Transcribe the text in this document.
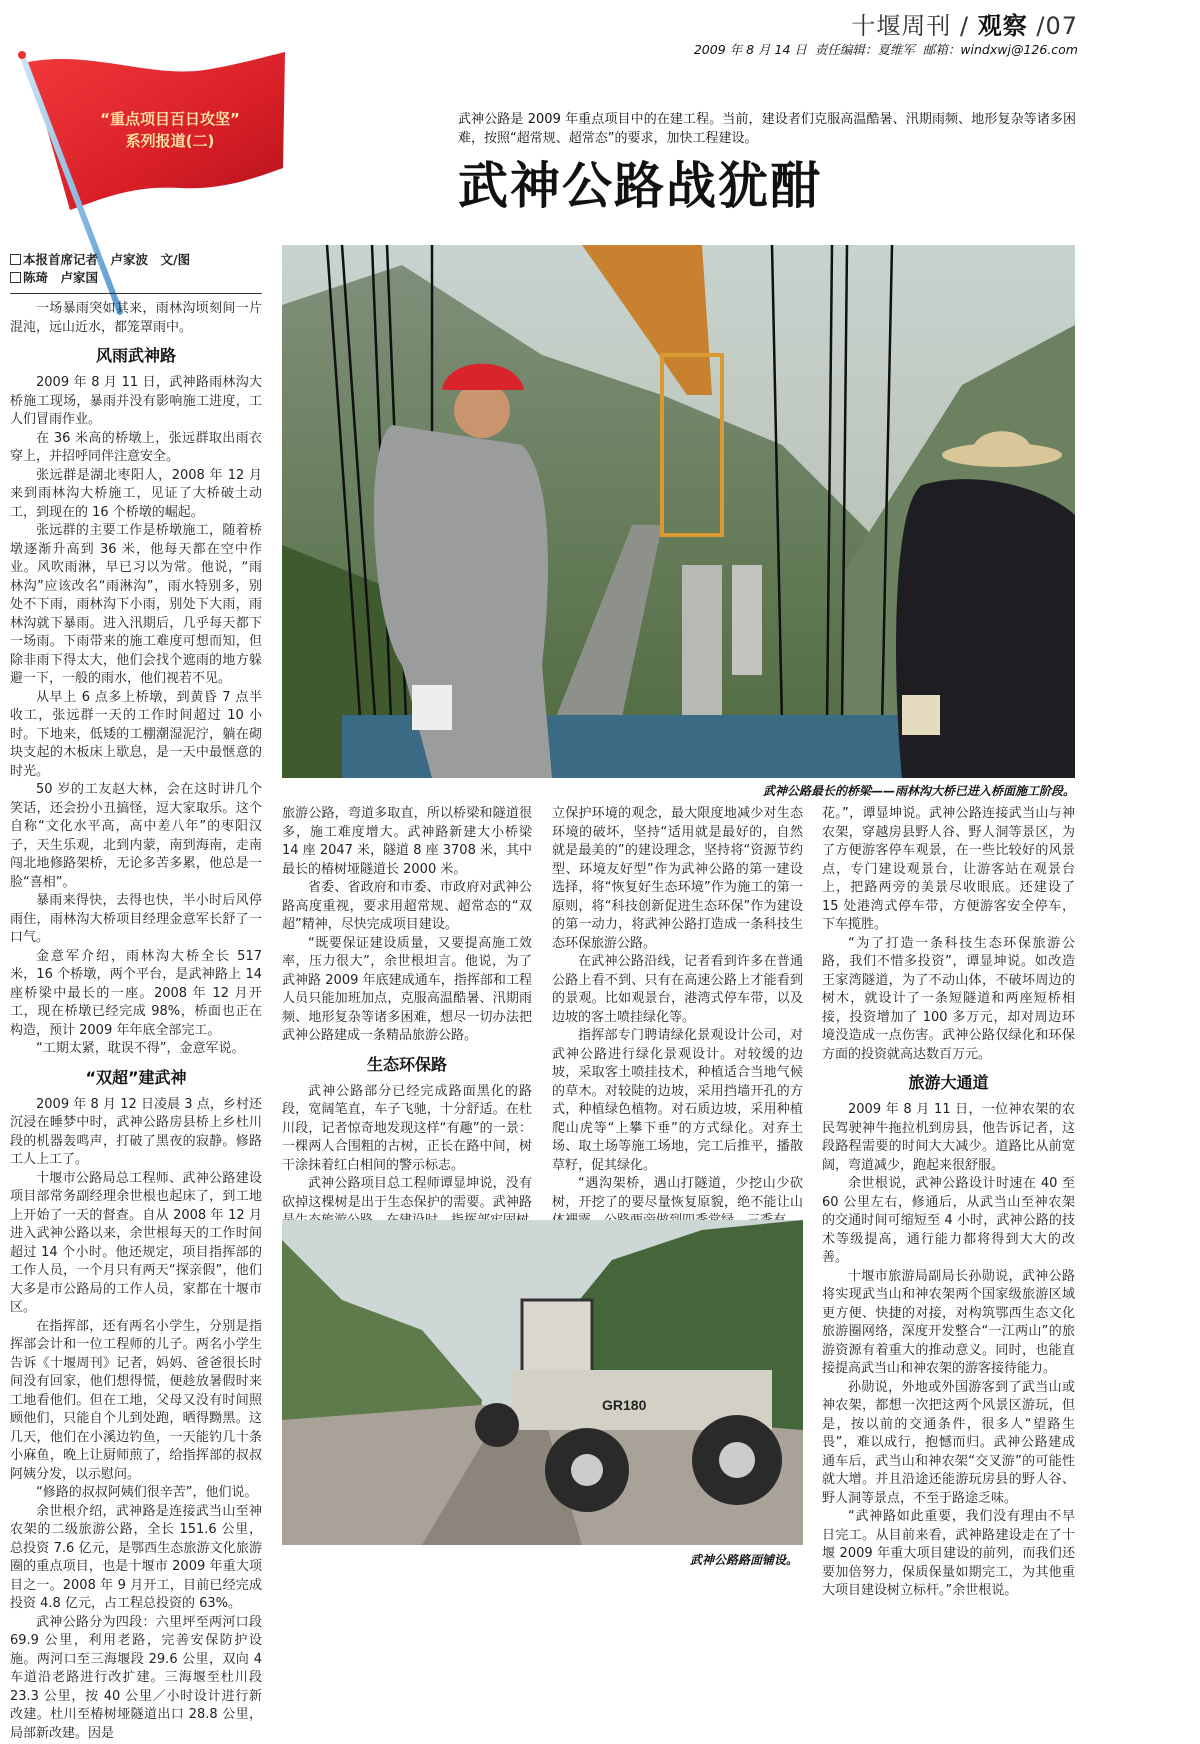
十堰周刊 / 观察 /07
2009 年 8 月 14 日 责任编辑：夏维军 邮箱：windxwj@126.com
“重点项目百日攻坚”
系列报道(二)
武神公路是 2009 年重点项目中的在建工程。当前，建设者们克服高温酷暑、汛期雨频、地形复杂等诸多困难，按照“超常规、超常态”的要求，加快工程建设。
武神公路战犹酣
本报首席记者　卢家波　文/图
陈琦　卢家国

一场暴雨突如其来，雨林沟顷刻间一片混沌，远山近水，都笼罩雨中。

风雨武神路

2009 年 8 月 11 日，武神路雨林沟大桥施工现场，暴雨并没有影响施工进度，工人们冒雨作业。

在 36 米高的桥墩上，张远群取出雨衣穿上，并招呼同伴注意安全。

张远群是湖北枣阳人，2008 年 12 月来到雨林沟大桥施工，见证了大桥破土动工，到现在的 16 个桥墩的崛起。

张远群的主要工作是桥墩施工，随着桥墩逐渐升高到 36 米，他每天都在空中作业。风吹雨淋，早已习以为常。他说，“雨林沟”应该改名“雨淋沟”，雨水特别多，别处不下雨，雨林沟下小雨，别处下大雨，雨林沟就下暴雨。进入汛期后，几乎每天都下一场雨。下雨带来的施工难度可想而知，但除非雨下得太大，他们会找个遮雨的地方躲避一下，一般的雨水，他们视若不见。

从早上 6 点多上桥墩，到黄昏 7 点半收工，张远群一天的工作时间超过 10 小时。下地来，低矮的工棚潮湿泥泞，躺在砌块支起的木板床上歇息，是一天中最惬意的时光。

50 岁的工友赵大林，会在这时讲几个笑话，还会扮小丑搞怪，逗大家取乐。这个自称“文化水平高，高中差八年”的枣阳汉子，天生乐观，北到内蒙，南到海南，走南闯北地修路架桥，无论多苦多累，他总是一脸“喜相”。

暴雨来得快，去得也快，半小时后风停雨住，雨林沟大桥项目经理金意军长舒了一口气。

金意军介绍，雨林沟大桥全长 517 米，16 个桥墩，两个平台，是武神路上 14 座桥梁中最长的一座。2008 年 12 月开工，现在桥墩已经完成 98%，桥面也正在构造，预计 2009 年年底全部完工。

“工期太紧，耽误不得”，金意军说。

“双超”建武神

2009 年 8 月 12 日凌晨 3 点，乡村还沉浸在睡梦中时，武神公路房县桥上乡杜川段的机器轰鸣声，打破了黑夜的寂静。修路工人上工了。

十堰市公路局总工程师、武神公路建设项目部常务副经理余世根也起床了，到工地上开始了一天的督查。自从 2008 年 12 月进入武神公路以来，余世根每天的工作时间超过 14 个小时。他还规定，项目指挥部的工作人员，一个月只有两天“探亲假”，他们大多是市公路局的工作人员，家都在十堰市区。

在指挥部，还有两名小学生，分别是指挥部会计和一位工程师的儿子。两名小学生告诉《十堰周刊》记者，妈妈、爸爸很长时间没有回家，他们想得慌，便趁放暑假时来工地看他们。但在工地，父母又没有时间照顾他们，只能自个儿到处跑，晒得黝黑。这几天，他们在小溪边钓鱼，一天能钓几十条小麻鱼，晚上让厨师煎了，给指挥部的叔叔阿姨分发，以示慰问。

“修路的叔叔阿姨们很辛苦”，他们说。

余世根介绍，武神路是连接武当山至神农架的二级旅游公路，全长 151.6 公里，总投资 7.6 亿元，是鄂西生态旅游文化旅游圈的重点项目，也是十堰市 2009 年重大项目之一。2008 年 9 月开工，目前已经完成投资 4.8 亿元，占工程总投资的 63%。

武神公路分为四段：六里坪至两河口段 69.9 公里，利用老路，完善安保防护设施。两河口至三海堰段 29.6 公里，双向 4 车道沿老路进行改扩建。三海堰至杜川段 23.3 公里，按 40 公里／小时设计进行新改建。杜川至椿树垭隧道出口 28.8 公里，局部新改建。因是

旅游公路，弯道多取直，所以桥梁和隧道很多，施工难度增大。武神路新建大小桥梁 14 座 2047 米，隧道 8 座 3708 米，其中最长的椿树垭隧道长 2000 米。

省委、省政府和市委、市政府对武神公路高度重视，要求用超常规、超常态的“双超”精神，尽快完成项目建设。

“既要保证建设质量，又要提高施工效率，压力很大”，余世根坦言。他说，为了武神路 2009 年底建成通车，指挥部和工程人员只能加班加点，克服高温酷暑、汛期雨频、地形复杂等诸多困难，想尽一切办法把武神公路建成一条精品旅游公路。

生态环保路

武神公路部分已经完成路面黑化的路段，宽阔笔直，车子飞驰，十分舒适。在杜川段，记者惊奇地发现这样“有趣”的一景：一棵两人合围粗的古树，正长在路中间，树干涂抹着红白相间的警示标志。

武神公路项目总工程师谭显坤说，没有砍掉这棵树是出于生态保护的需要。武神路

立保护环境的观念，最大限度地减少对生态环境的破坏，坚持“适用就是最好的，自然就是最美的”的建设理念，坚持将“资源节约型、环境友好型”作为武神公路的第一建设选择，将“恢复好生态环境”作为施工的第一原则，将“科技创新促进生态环保”作为建设的第一动力，将武神公路打造成一条科技生态环保旅游公路。

在武神公路沿线，记者看到许多在普通公路上看不到、只有在高速公路上才能看到的景观。比如观景台，港湾式停车带，以及边坡的客土喷挂绿化等。

指挥部专门聘请绿化景观设计公司，对武神公路进行绿化景观设计。对较缓的边坡，采取客土喷挂技术，种植适合当地气候的草木。对较陡的边坡，采用挡墙开孔的方式，种植绿色植物。对石质边坡，采用种植爬山虎等“上攀下垂”的方式绿化。对弃土场、取土场等施工场地，完工后推平，播散草籽，促其绿化。

“遇沟架桥，遇山打隧道，少挖山少砍树，开挖了的要尽量恢复原貌，绝不能让山

花。”，谭显坤说。武神公路连接武当山与神农架，穿越房县野人谷、野人洞等景区，为了方便游客停车观景，在一些比较好的风景点，专门建设观景台，让游客站在观景台上，把路两旁的美景尽收眼底。还建设了 15 处港湾式停车带，方便游客安全停车，下车揽胜。

“为了打造一条科技生态环保旅游公路，我们不惜多投资”，谭显坤说。如改造王家湾隧道，为了不动山体，不破坏周边的树木，就设计了一条短隧道和两座短桥相接，投资增加了 100 多万元，却对周边环境没造成一点伤害。武神公路仅绿化和环保方面的投资就高达数百万元。

旅游大通道

2009 年 8 月 11 日，一位神农架的农民驾驶神牛拖拉机到房县，他告诉记者，这段路程需要的时间大大减少。道路比从前宽阔，弯道减少，跑起来很舒服。

余世根说，武神公路设计时速在 40 至 60 公里左右，修通后，从武当山至神农架的交通时间可缩短至 4 小时，武神公路的技术等级提高，通行能力都将得到大大的改善。

十堰市旅游局副局长孙勋说，武神公路将实现武当山和神农架两个国家级旅游区域更方便、快捷的对接，对构筑鄂西生态文化旅游圈网络，深度开发整合“一江两山”的旅游资源有着重大的推动意义。同时，也能直接提高武当山和神农架的游客接待能力。

孙勋说，外地或外国游客到了武当山或神农架，都想一次把这两个风景区游玩，但是，按以前的交通条件，很多人“望路生畏”，难以成行，抱憾而归。武神公路建成通车后，武当山和神农架“交叉游”的可能性就大增。并且沿途还能游玩房县的野人谷、野人洞等景点，不至于路途乏味。

“武神路如此重要，我们没有理由不早日完工。从目前来看，武神路建设走在了十堰 2009 年重大项目建设的前列，而我们还要加倍努力，保质保量如期完工，为其他重大项目建设树立标杆。”余世根说。

武神公路最长的桥梁——雨林沟大桥已进入桥面施工阶段。
GR180
武神公路路面铺设。
